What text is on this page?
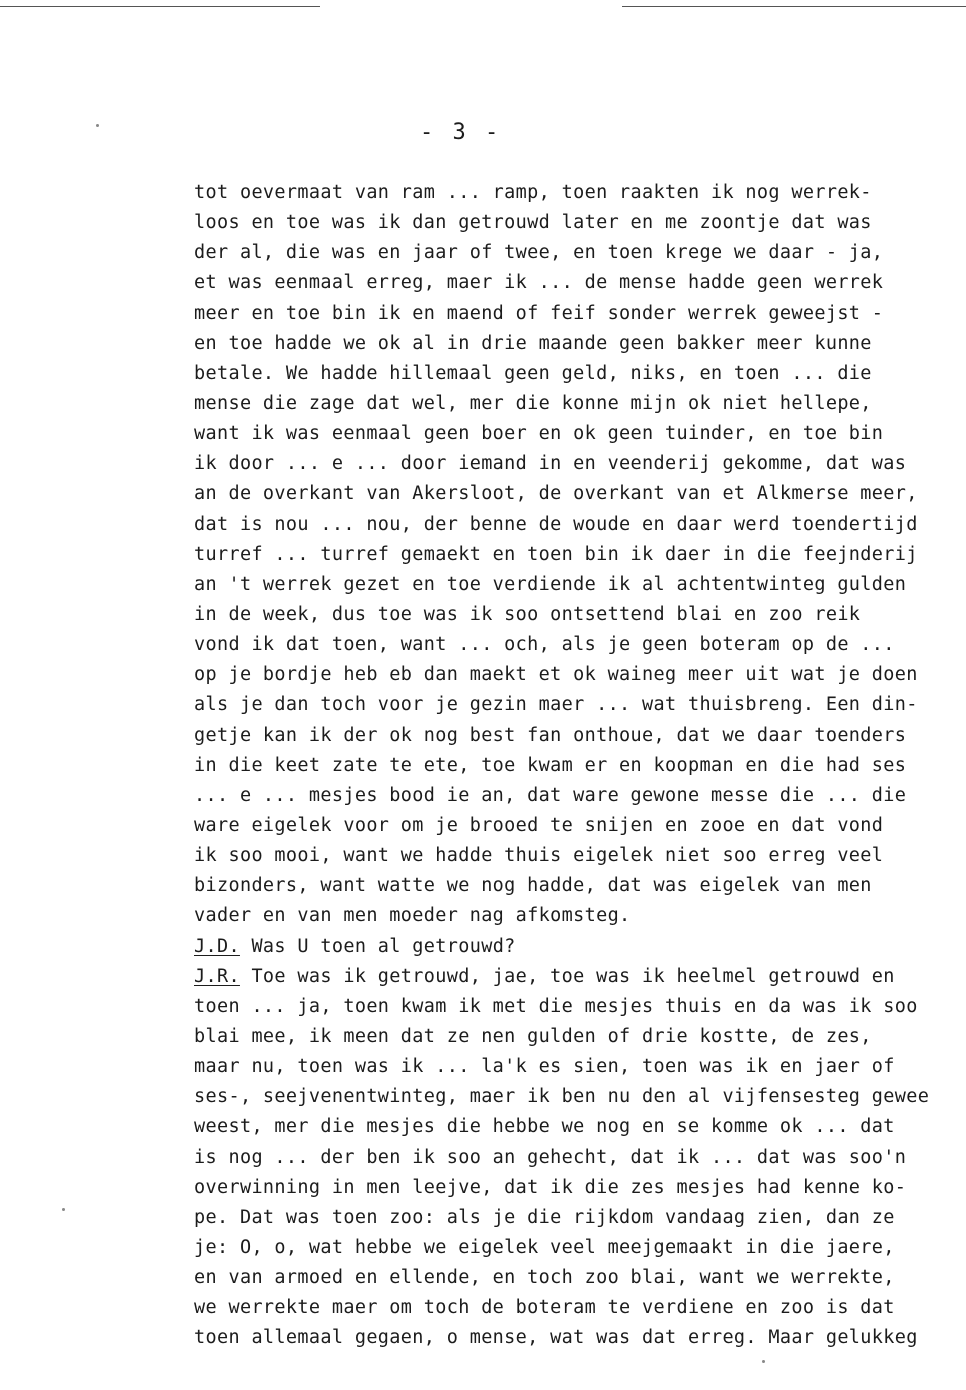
- 3 -
tot oevermaat van ram ... ramp, toen raakten ik nog werrek-
loos en toe was ik dan getrouwd later en me zoontje dat was
der al, die was en jaar of twee, en toen krege we daar - ja,
et was eenmaal erreg, maer ik ... de mense hadde geen werrek
meer en toe bin ik en maend of feif sonder werrek geweejst -
en toe hadde we ok al in drie maande geen bakker meer kunne
betale. We hadde hillemaal geen geld, niks, en toen ... die
mense die zage dat wel, mer die konne mijn ok niet hellepe,
want ik was eenmaal geen boer en ok geen tuinder, en toe bin
ik door ... e ... door iemand in en veenderij gekomme, dat was
an de overkant van Akersloot, de overkant van et Alkmerse meer,
dat is nou ... nou, der benne de woude en daar werd toendertijd
turref ... turref gemaekt en toen bin ik daer in die feejnderij
an 't werrek gezet en toe verdiende ik al achtentwinteg gulden
in de week, dus toe was ik soo ontsettend blai en zoo reik
vond ik dat toen, want ... och, als je geen boteram op de ...
op je bordje heb eb dan maekt et ok waineg meer uit wat je doen
als je dan toch voor je gezin maer ... wat thuisbreng. Een din-
getje kan ik der ok nog best fan onthoue, dat we daar toenders
in die keet zate te ete, toe kwam er en koopman en die had ses
... e ... mesjes bood ie an, dat ware gewone messe die ... die
ware eigelek voor om je brooed te snijen en zooe en dat vond
ik soo mooi, want we hadde thuis eigelek niet soo erreg veel
bizonders, want watte we nog hadde, dat was eigelek van men
vader en van men moeder nag afkomsteg.
J.D. Was U toen al getrouwd?
J.R. Toe was ik getrouwd, jae, toe was ik heelmel getrouwd en
toen ... ja, toen kwam ik met die mesjes thuis en da was ik soo
blai mee, ik meen dat ze nen gulden of drie kostte, de zes,
maar nu, toen was ik ... la'k es sien, toen was ik en jaer of
ses-, seejvenentwinteg, maer ik ben nu den al vijfensesteg gewee
weest, mer die mesjes die hebbe we nog en se komme ok ... dat
is nog ... der ben ik soo an gehecht, dat ik ... dat was soo'n
overwinning in men leejve, dat ik die zes mesjes had kenne ko-
pe. Dat was toen zoo: als je die rijkdom vandaag zien, dan ze
je: O, o, wat hebbe we eigelek veel meejgemaakt in die jaere,
en van armoed en ellende, en toch zoo blai, want we werrekte,
we werrekte maer om toch de boteram te verdiene en zoo is dat
toen allemaal gegaen, o mense, wat was dat erreg. Maar gelukkeg
